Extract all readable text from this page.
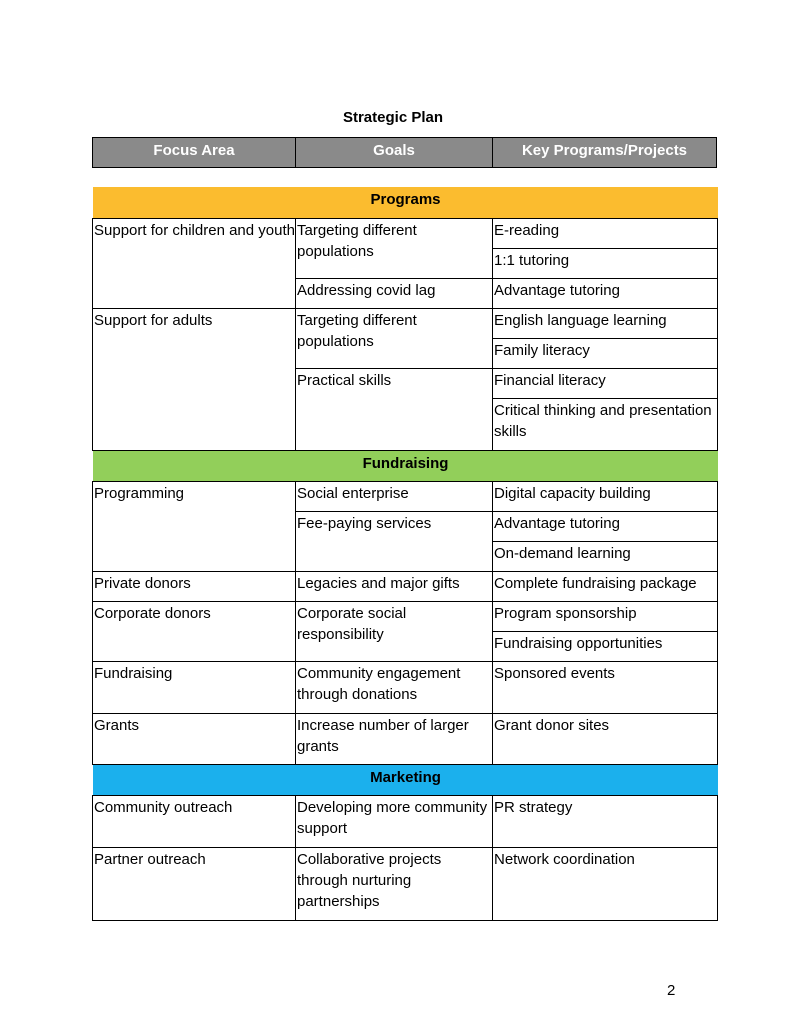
Strategic Plan
Focus Area	Goals	Key Programs/Projects
Programs		
Support for children and youth	Targeting different populations	E-reading
		1:1 tutoring
	Addressing covid lag	Advantage tutoring
Support for adults	Targeting different populations	English language learning
		Family literacy
	Practical skills	Financial literacy
		Critical thinking and presentation skills
Fundraising		
Programming	Social enterprise	Digital capacity building
	Fee-paying services	Advantage tutoring
		On-demand learning
Private donors	Legacies and major gifts	Complete fundraising package
Corporate donors	Corporate social responsibility	Program sponsorship
		Fundraising opportunities
Fundraising	Community engagement through donations	Sponsored events
Grants	Increase number of larger grants	Grant donor sites
Marketing		
Community outreach	Developing more community support	PR strategy
Partner outreach	Collaborative projects through nurturing partnerships	Network coordination
2
